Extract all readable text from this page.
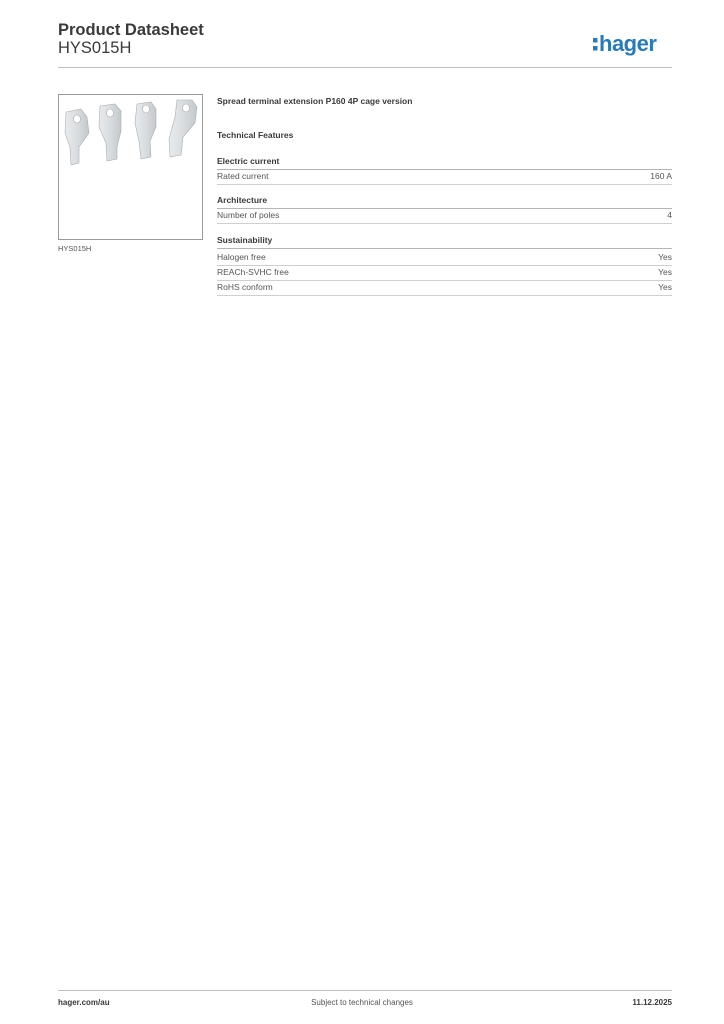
Product Datasheet
HYS015H	hager
HYS015H
Spread terminal extension P160 4P cage version
Technical Features
Electric current
Rated current	160 A
Architecture
Number of poles	4
Sustainability
Halogen free	Yes
REACh-SVHC free	Yes
RoHS conform	Yes
hager.com/au	Subject to technical changes	11.12.2025
